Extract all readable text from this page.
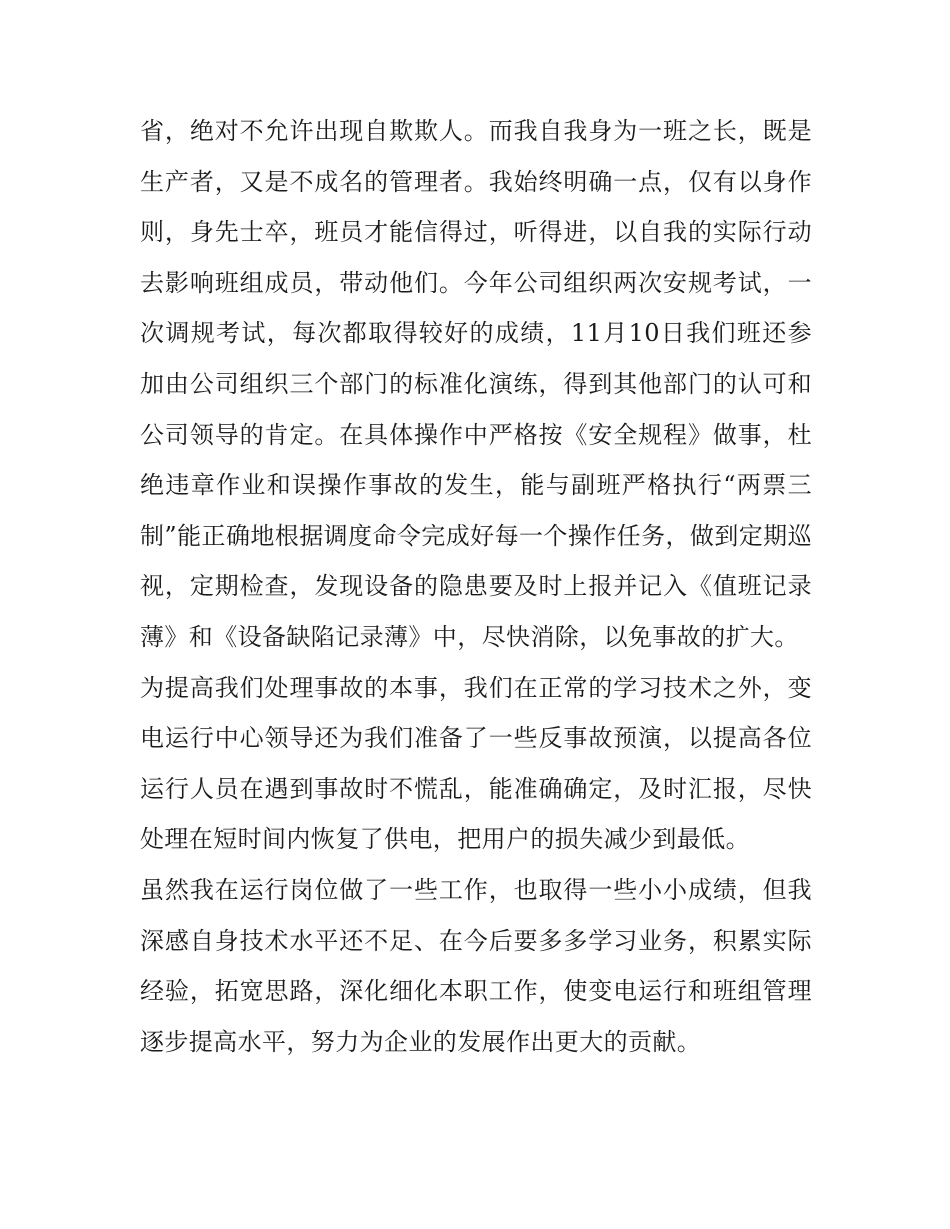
省，绝对不允许出现自欺欺人。而我自我身为一班之长，既是生产者，又是不成名的管理者。我始终明确一点，仅有以身作则，身先士卒，班员才能信得过，听得进，以自我的实际行动去影响班组成员，带动他们。今年公司组织两次安规考试，一次调规考试，每次都取得较好的成绩，11月10日我们班还参加由公司组织三个部门的标准化演练，得到其他部门的认可和公司领导的肯定。在具体操作中严格按《安全规程》做事，杜绝违章作业和误操作事故的发生，能与副班严格执行“两票三制”能正确地根据调度命令完成好每一个操作任务，做到定期巡视，定期检查，发现设备的隐患要及时上报并记入《值班记录薄》和《设备缺陷记录薄》中，尽快消除，以免事故的扩大。

为提高我们处理事故的本事，我们在正常的学习技术之外，变电运行中心领导还为我们准备了一些反事故预演，以提高各位运行人员在遇到事故时不慌乱，能准确确定，及时汇报，尽快处理在短时间内恢复了供电，把用户的损失减少到最低。

虽然我在运行岗位做了一些工作，也取得一些小小成绩，但我深感自身技术水平还不足、在今后要多多学习业务，积累实际经验，拓宽思路，深化细化本职工作，使变电运行和班组管理逐步提高水平，努力为企业的发展作出更大的贡献。
